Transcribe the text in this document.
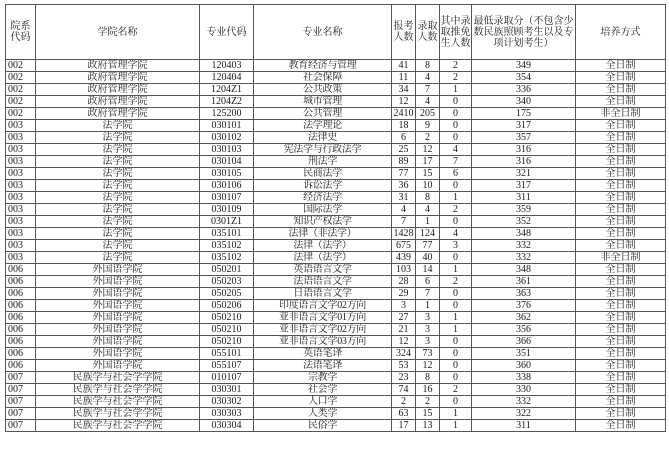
院系代码	学院名称	专业代码	专业名称	报考人数	录取人数	其中录取推免生人数	最低录取分（不包含少数民族照顾考生以及专项计划考生）	培养方式
002	政府管理学院	120403	教育经济与管理	41	8	2	349	全日制
002	政府管理学院	120404	社会保障	11	4	2	354	全日制
002	政府管理学院	1204Z1	公共政策	34	7	1	336	全日制
002	政府管理学院	1204Z2	城市管理	12	4	0	340	全日制
002	政府管理学院	125200	公共管理	2410	205	0	175	非全日制
003	法学院	030101	法学理论	18	9	0	317	全日制
003	法学院	030102	法律史	6	2	0	357	全日制
003	法学院	030103	宪法学与行政法学	25	12	4	316	全日制
003	法学院	030104	刑法学	89	17	7	316	全日制
003	法学院	030105	民商法学	77	15	6	321	全日制
003	法学院	030106	诉讼法学	36	10	0	317	全日制
003	法学院	030107	经济法学	31	8	1	311	全日制
003	法学院	030109	国际法学	4	4	2	359	全日制
003	法学院	0301Z1	知识产权法学	7	1	0	352	全日制
003	法学院	035101	法律（非法学）	1428	124	4	348	全日制
003	法学院	035102	法律（法学）	675	77	3	332	全日制
003	法学院	035102	法律（法学）	439	40	0	332	非全日制
006	外国语学院	050201	英语语言文学	103	14	1	348	全日制
006	外国语学院	050203	法语语言文学	28	6	2	361	全日制
006	外国语学院	050205	日语语言文学	29	7	0	363	全日制
006	外国语学院	050206	印度语言文学02方向	3	1	0	376	全日制
006	外国语学院	050210	亚非语言文学01方向	27	3	1	362	全日制
006	外国语学院	050210	亚非语言文学02方向	21	3	1	356	全日制
006	外国语学院	050210	亚非语言文学03方向	12	3	0	366	全日制
006	外国语学院	055101	英语笔译	324	73	0	351	全日制
006	外国语学院	055107	法语笔译	53	12	0	360	全日制
007	民族学与社会学学院	010107	宗教学	23	8	0	338	全日制
007	民族学与社会学学院	030301	社会学	74	16	2	330	全日制
007	民族学与社会学学院	030302	人口学	2	2	0	332	全日制
007	民族学与社会学学院	030303	人类学	63	15	1	322	全日制
007	民族学与社会学学院	030304	民俗学	17	13	1	311	全日制
